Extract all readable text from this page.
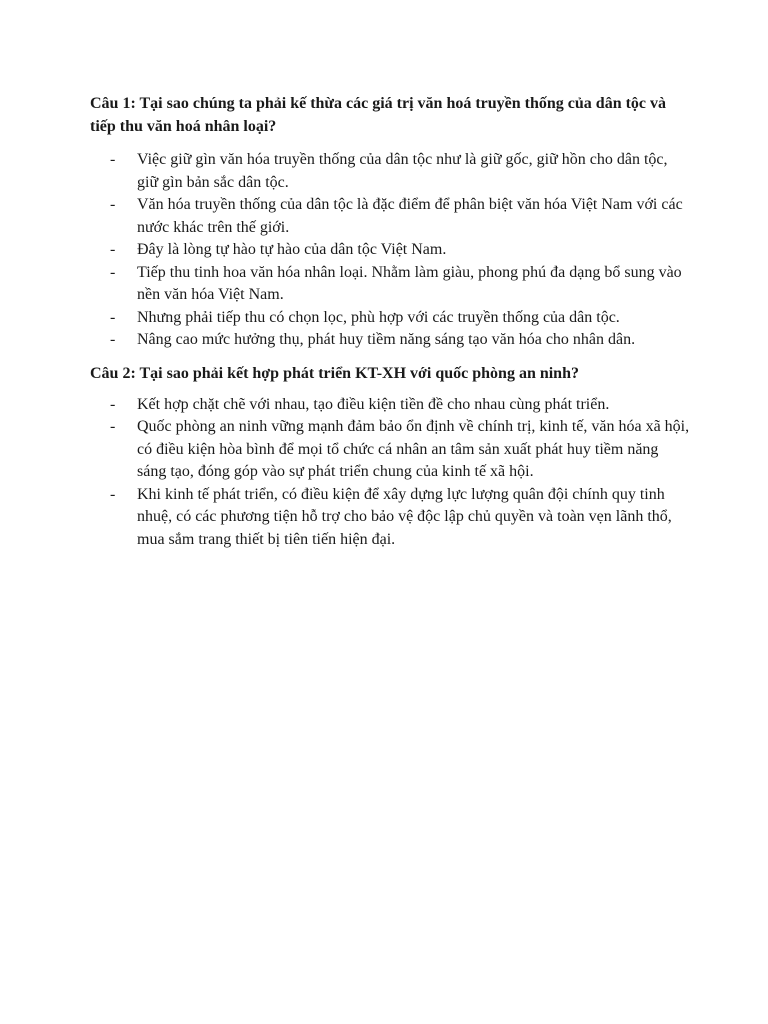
Câu 1: Tại sao chúng ta phải kế thừa các giá trị văn hoá truyền thống của dân tộc và tiếp thu văn hoá nhân loại?

- Việc giữ gìn văn hóa truyền thống của dân tộc như là giữ gốc, giữ hồn cho dân tộc, giữ gìn bản sắc dân tộc.
- Văn hóa truyền thống của dân tộc là đặc điểm để phân biệt văn hóa Việt Nam với các nước khác trên thế giới.
- Đây là lòng tự hào tự hào của dân tộc Việt Nam.
- Tiếp thu tinh hoa văn hóa nhân loại. Nhằm làm giàu, phong phú đa dạng bổ sung vào nền văn hóa Việt Nam.
- Nhưng phải tiếp thu có chọn lọc, phù hợp với các truyền thống của dân tộc.
- Nâng cao mức hưởng thụ, phát huy tiềm năng sáng tạo văn hóa cho nhân dân.

Câu 2: Tại sao phải kết hợp phát triển KT-XH với quốc phòng an ninh?

- Kết hợp chặt chẽ với nhau, tạo điều kiện tiền đề cho nhau cùng phát triển.
- Quốc phòng an ninh vững mạnh đảm bảo ổn định về chính trị, kinh tế, văn hóa xã hội, có điều kiện hòa bình để mọi tổ chức cá nhân an tâm sản xuất phát huy tiềm năng sáng tạo, đóng góp vào sự phát triển chung của kinh tế xã hội.
- Khi kinh tế phát triển, có điều kiện để xây dựng lực lượng quân đội chính quy tinh nhuệ, có các phương tiện hỗ trợ cho bảo vệ độc lập chủ quyền và toàn vẹn lãnh thổ, mua sắm trang thiết bị tiên tiến hiện đại.
